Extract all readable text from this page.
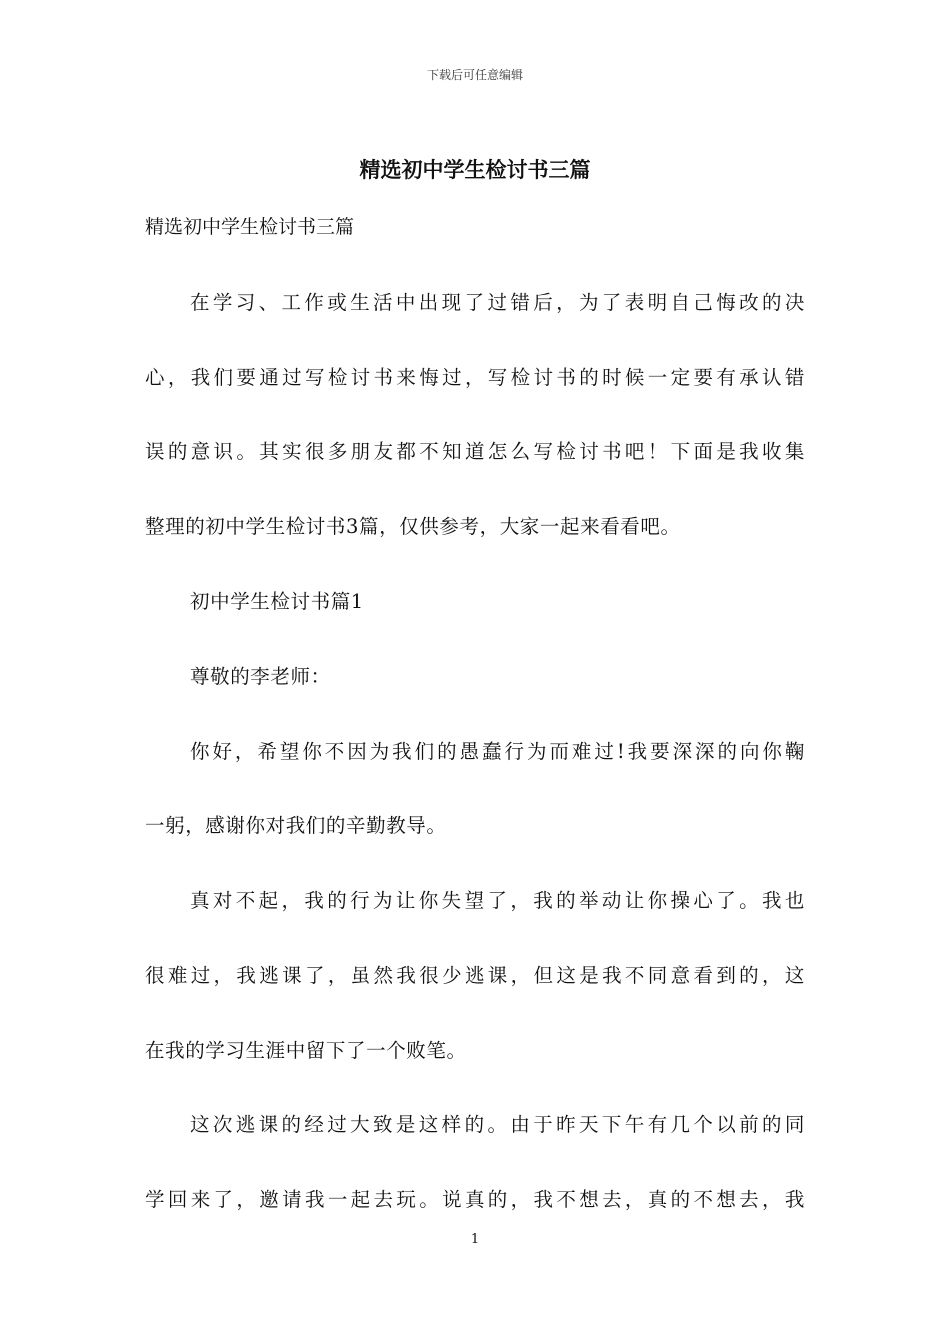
下载后可任意编辑
精选初中学生检讨书三篇
精选初中学生检讨书三篇
在学习、工作或生活中出现了过错后，为了表明自己悔改的决
心，我们要通过写检讨书来悔过，写检讨书的时候一定要有承认错
误的意识。其实很多朋友都不知道怎么写检讨书吧！下面是我收集
整理的初中学生检讨书3篇，仅供参考，大家一起来看看吧。
初中学生检讨书篇1
尊敬的李老师：
你好，希望你不因为我们的愚蠢行为而难过!我要深深的向你鞠
一躬，感谢你对我们的辛勤教导。
真对不起，我的行为让你失望了，我的举动让你操心了。我也
很难过，我逃课了，虽然我很少逃课，但这是我不同意看到的，这
在我的学习生涯中留下了一个败笔。
这次逃课的经过大致是这样的。由于昨天下午有几个以前的同
学回来了，邀请我一起去玩。说真的，我不想去，真的不想去，我
1
